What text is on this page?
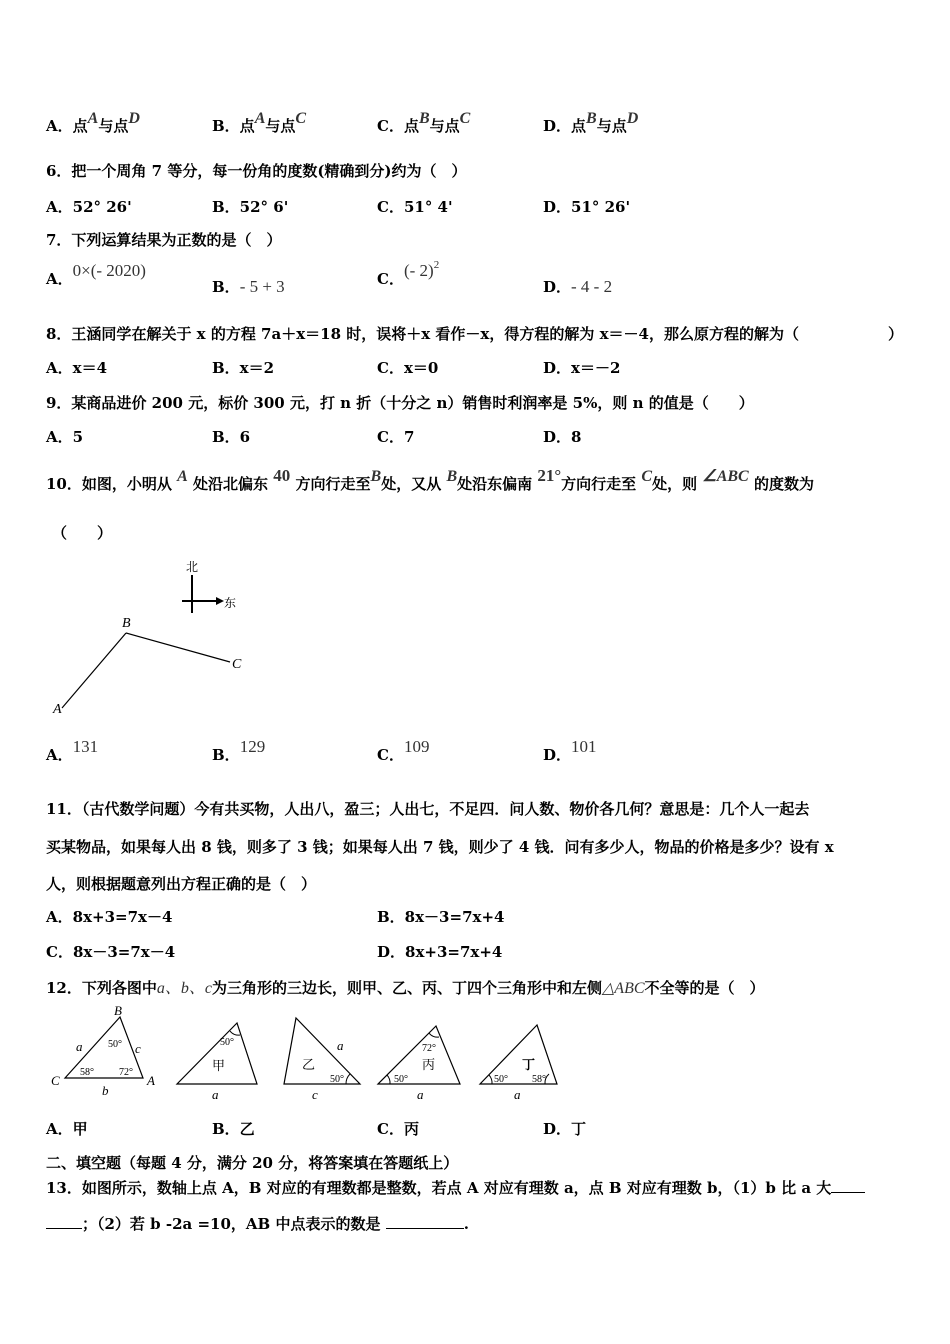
A．点A与点D	B．点A与点C	C．点B与点C	D．点B与点D
6．把一个周角 7 等分，每一份角的度数(精确到分)约为（　）
A．52° 26'	B．52° 6'	C．51° 4'	D．51° 26'
7．下列运算结果为正数的是（　）
A．0×(- 2020)
B．- 5 + 3	C．(- 2)$^2$
D．- 4 - 2
8．王涵同学在解关于 x 的方程 7a＋x＝18 时，误将＋x 看作－x，得方程的解为 x＝－4，那么原方程的解为（	）
A．x＝4	B．x＝2	C．x＝0	D．x＝－2
9．某商品进价 200 元，标价 300 元，打 n 折（十分之 n）销售时利润率是 5%，则 n 的值是（　　）
A．5	B．6	C．7	D．8
10．如图，小明从 A 处沿北偏东 40 方向行走至B处，又从 B处沿东偏南 21°方向行走至 C处，则 ∠ABC 的度数为
（　　）
北
东
A
B
C
A．131	B．129	C．109	D．101
11．（古代数学问题）今有共买物，人出八，盈三；人出七，不足四．问人数、物价各几何？意思是：几个人一起去
买某物品，如果每人出 8 钱，则多了 3 钱；如果每人出 7 钱，则少了 4 钱．问有多少人，物品的价格是多少？设有 x
人，则根据题意列出方程正确的是（　）
A．8x+3=7x－4	B．8x－3=7x+4
C．8x－3=7x－4	D．8x+3=7x+4
12．下列各图中a、b、c为三角形的三边长，则甲、乙、丙、丁四个三角形中和左侧△ABC不全等的是（　）
B
C	A
a	c
b
50°
58°	72°
50°
甲
a
50°
乙
a
c
72°
50°
丙
a
50° 58°
丁
a
A．甲	B．乙	C．丙	D．丁
二、填空题（每题 4 分，满分 20 分，将答案填在答题纸上）
13．如图所示，数轴上点 A，B 对应的有理数都是整数，若点 A 对应有理数 a，点 B 对应有理数 b，（1）b 比 a 大
；（2）若 b -2a =10，AB 中点表示的数是	.
